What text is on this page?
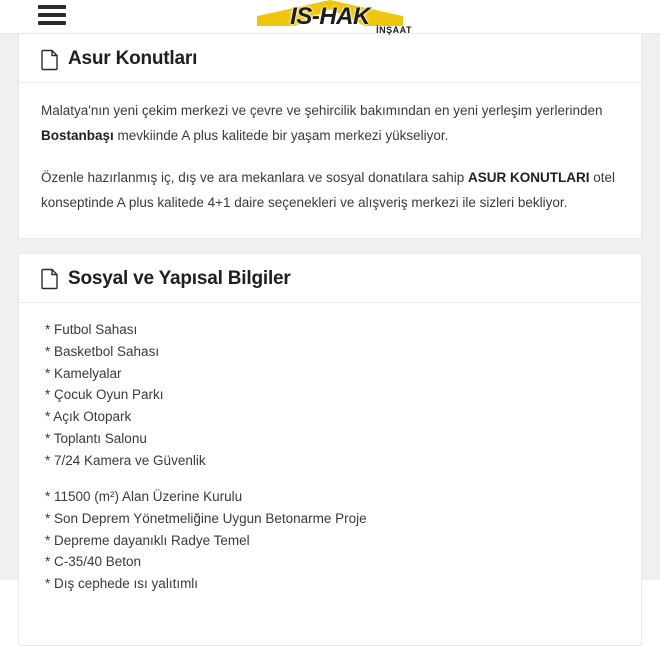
IS-HAK İNŞAAT
Asur Konutları

Malatya'nın yeni çekim merkezi ve çevre ve şehircilik bakımından en yeni yerleşim yerlerinden Bostanbaşı mevkiinde A plus kalitede bir yaşam merkezi yükseliyor.

Özenle hazırlanmış iç, dış ve ara mekanlara ve sosyal donatılara sahip ASUR KONUTLARI otel konseptinde A plus kalitede 4+1 daire seçenekleri ve alışveriş merkezi ile sizleri bekliyor.

Sosyal ve Yapısal Bilgiler
* Futbol Sahası
* Basketbol Sahası
* Kamelyalar
* Çocuk Oyun Parkı
* Açık Otopark
* Toplantı Salonu
* 7/24 Kamera ve Güvenlik
* 11500 (m²) Alan Üzerine Kurulu
* Son Deprem Yönetmeliğine Uygun Betonarme Proje
* Depreme dayanıklı Radye Temel
* C-35/40 Beton
* Dış cephede ısı yalıtımlı
